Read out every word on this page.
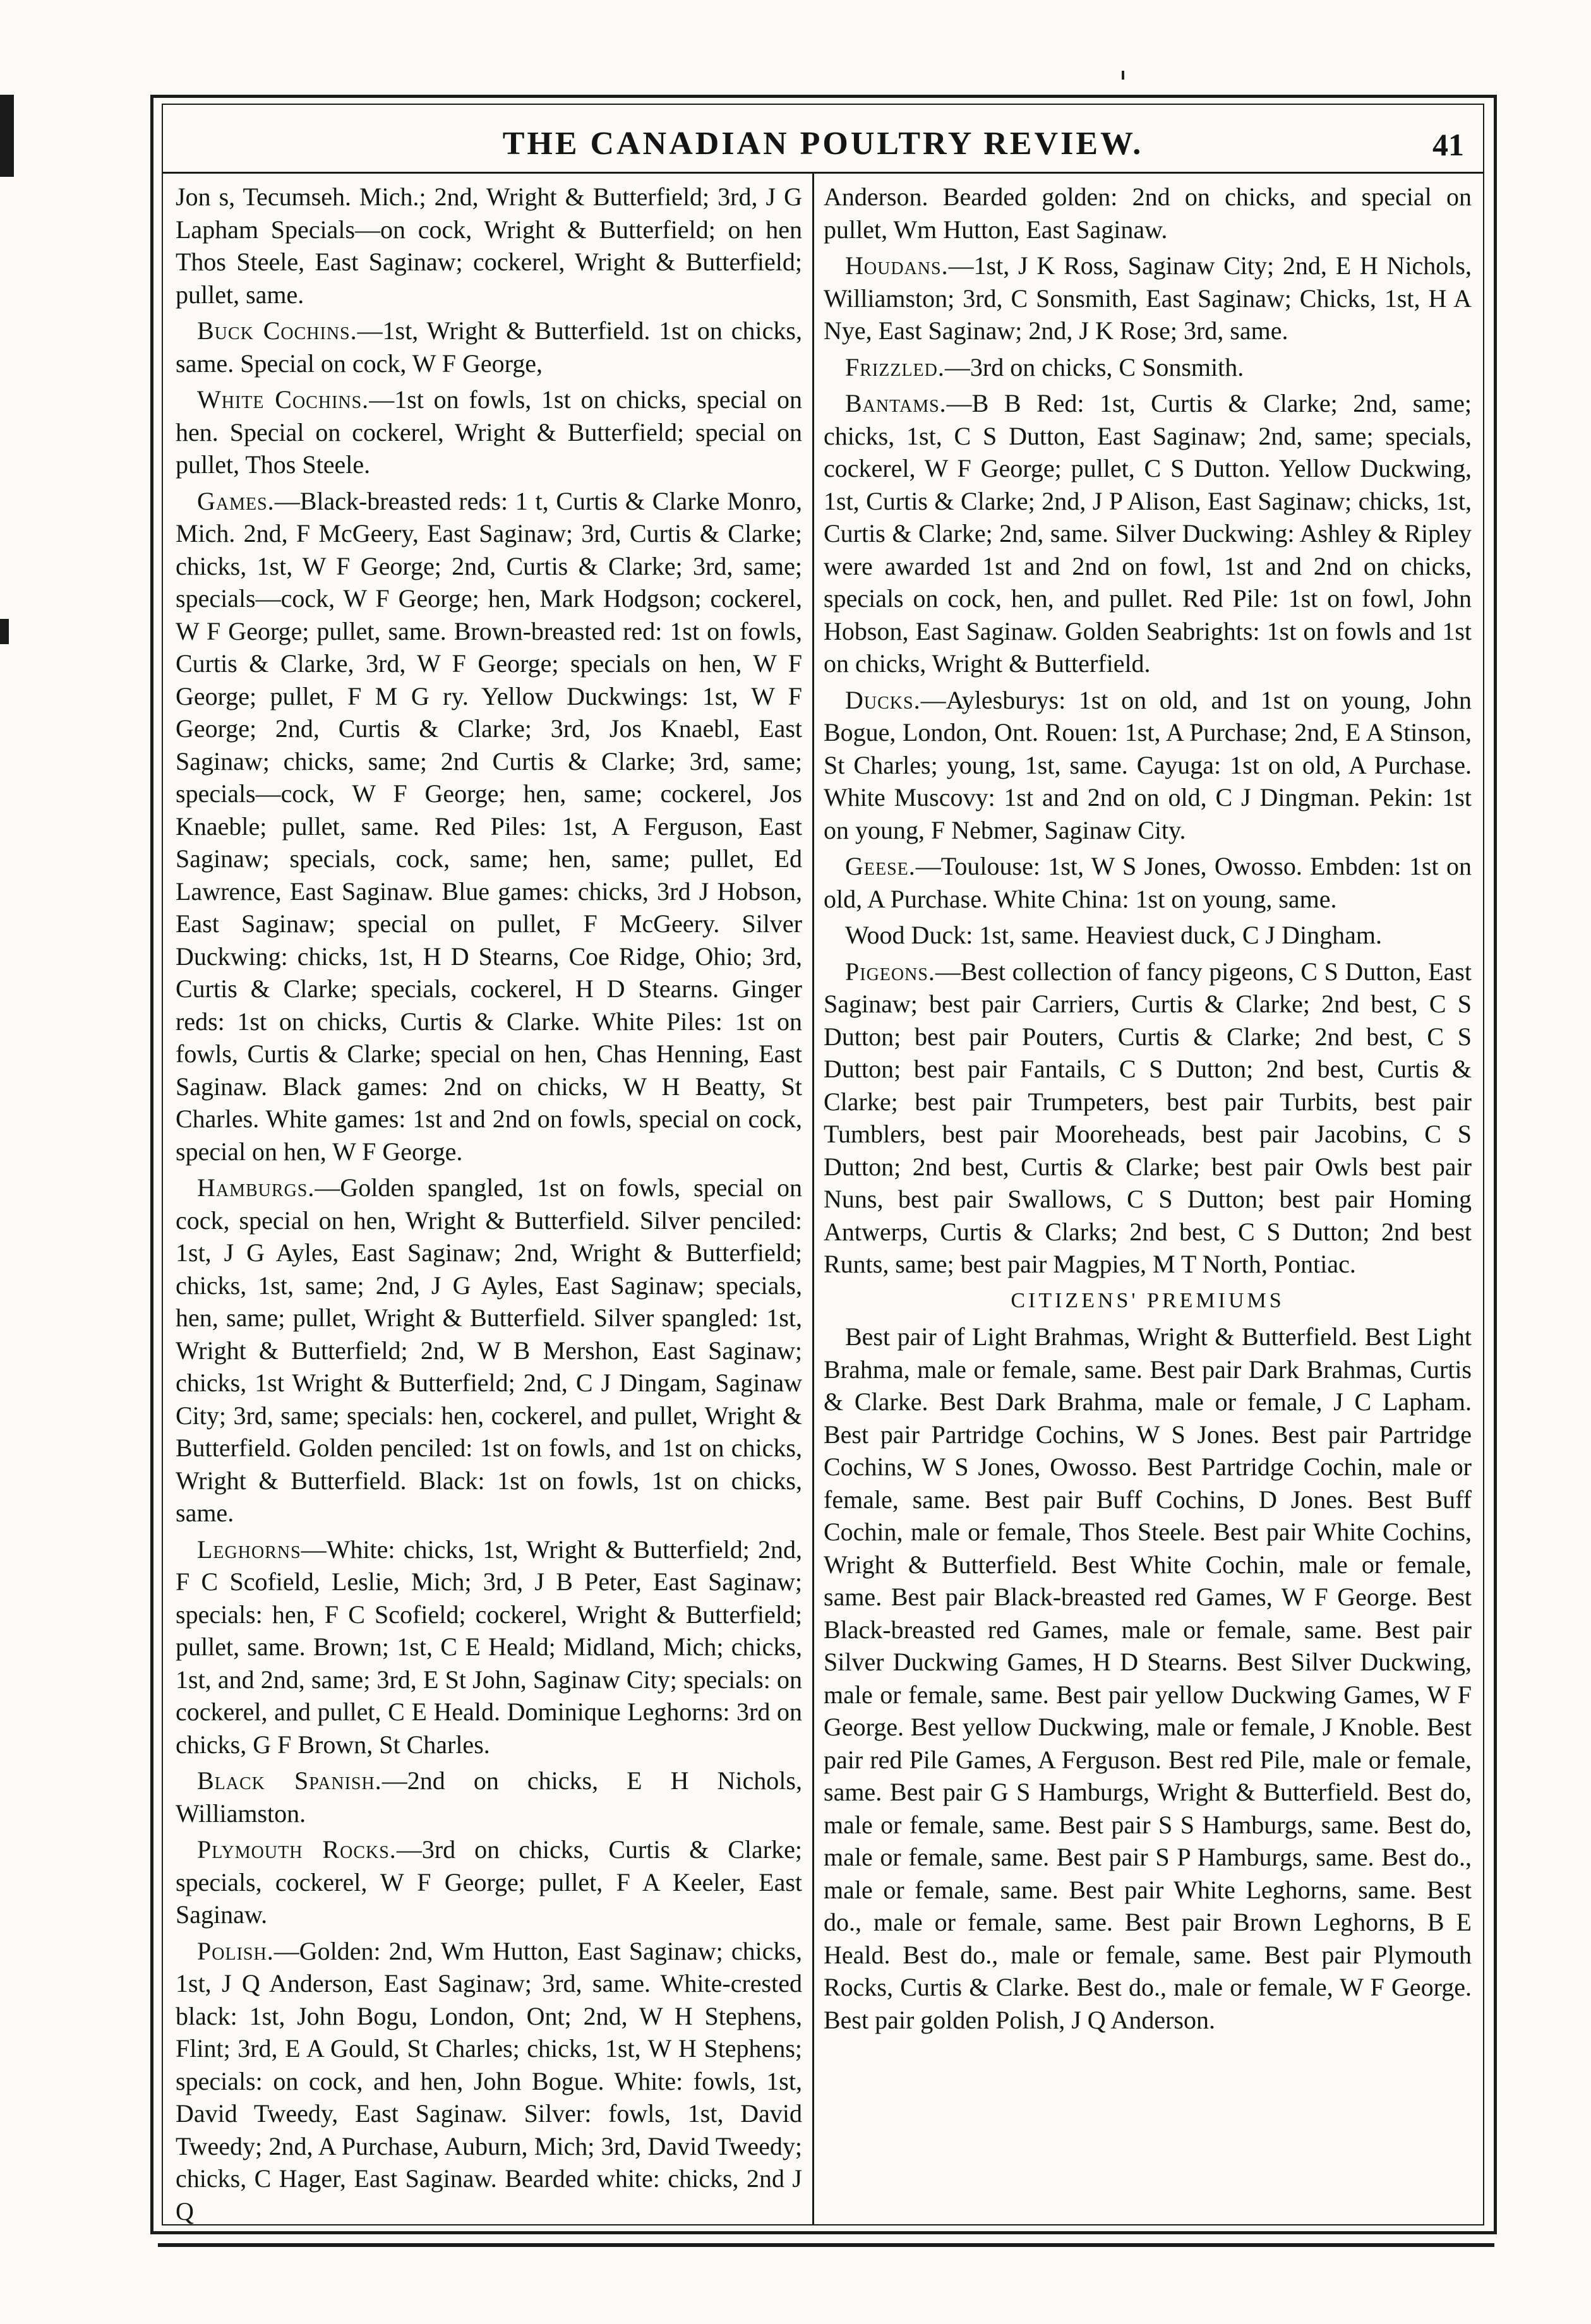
THE CANADIAN POULTRY REVIEW.	41

Jon s, Tecumseh. Mich.; 2nd, Wright & Butterfield; 3rd, J G Lapham Specials—on cock, Wright & Butterfield; on hen Thos Steele, East Saginaw; cockerel, Wright & Butterfield; pullet, same.

Buck Cochins.—1st, Wright & Butterfield. 1st on chicks, same. Special on cock, W F George,

White Cochins.—1st on fowls, 1st on chicks, special on hen. Special on cockerel, Wright & Butterfield; special on pullet, Thos Steele.

Games.—Black-breasted reds: 1 t, Curtis & Clarke Monro, Mich. 2nd, F McGeery, East Saginaw; 3rd, Curtis & Clarke; chicks, 1st, W F George; 2nd, Curtis & Clarke; 3rd, same; specials—cock, W F George; hen, Mark Hodgson; cockerel, W F George; pullet, same. Brown-breasted red: 1st on fowls, Curtis & Clarke, 3rd, W F George; specials on hen, W F George; pullet, F M G ry. Yellow Duckwings: 1st, W F George; 2nd, Curtis & Clarke; 3rd, Jos Knaebl, East Saginaw; chicks, same; 2nd Curtis & Clarke; 3rd, same; specials—cock, W F George; hen, same; cockerel, Jos Knaeble; pullet, same. Red Piles: 1st, A Ferguson, East Saginaw; specials, cock, same; hen, same; pullet, Ed Lawrence, East Saginaw. Blue games: chicks, 3rd J Hobson, East Saginaw; special on pullet, F McGeery. Silver Duckwing: chicks, 1st, H D Stearns, Coe Ridge, Ohio; 3rd, Curtis & Clarke; specials, cockerel, H D Stearns. Ginger reds: 1st on chicks, Curtis & Clarke. White Piles: 1st on fowls, Curtis & Clarke; special on hen, Chas Henning, East Saginaw. Black games: 2nd on chicks, W H Beatty, St Charles. White games: 1st and 2nd on fowls, special on cock, special on hen, W F George.

Hamburgs.—Golden spangled, 1st on fowls, special on cock, special on hen, Wright & Butterfield. Silver penciled: 1st, J G Ayles, East Saginaw; 2nd, Wright & Butterfield; chicks, 1st, same; 2nd, J G Ayles, East Saginaw; specials, hen, same; pullet, Wright & Butterfield. Silver spangled: 1st, Wright & Butterfield; 2nd, W B Mershon, East Saginaw; chicks, 1st Wright & Butterfield; 2nd, C J Dingam, Saginaw City; 3rd, same; specials: hen, cockerel, and pullet, Wright & Butterfield. Golden penciled: 1st on fowls, and 1st on chicks, Wright & Butterfield. Black: 1st on fowls, 1st on chicks, same.

Leghorns—White: chicks, 1st, Wright & Butterfield; 2nd, F C Scofield, Leslie, Mich; 3rd, J B Peter, East Saginaw; specials: hen, F C Scofield; cockerel, Wright & Butterfield; pullet, same. Brown; 1st, C E Heald; Midland, Mich; chicks, 1st, and 2nd, same; 3rd, E St John, Saginaw City; specials: on cockerel, and pullet, C E Heald. Dominique Leghorns: 3rd on chicks, G F Brown, St Charles.

Black Spanish.—2nd on chicks, E H Nichols, Williamston.

Plymouth Rocks.—3rd on chicks, Curtis & Clarke; specials, cockerel, W F George; pullet, F A Keeler, East Saginaw.

Polish.—Golden: 2nd, Wm Hutton, East Saginaw; chicks, 1st, J Q Anderson, East Saginaw; 3rd, same. White-crested black: 1st, John Bogu, London, Ont; 2nd, W H Stephens, Flint; 3rd, E A Gould, St Charles; chicks, 1st, W H Stephens; specials: on cock, and hen, John Bogue. White: fowls, 1st, David Tweedy, East Saginaw. Silver: fowls, 1st, David Tweedy; 2nd, A Purchase, Auburn, Mich; 3rd, David Tweedy; chicks, C Hager, East Saginaw. Bearded white: chicks, 2nd J Q

Anderson. Bearded golden: 2nd on chicks, and special on pullet, Wm Hutton, East Saginaw.

Houdans.—1st, J K Ross, Saginaw City; 2nd, E H Nichols, Williamston; 3rd, C Sonsmith, East Saginaw; Chicks, 1st, H A Nye, East Saginaw; 2nd, J K Rose; 3rd, same.

Frizzled.—3rd on chicks, C Sonsmith.

Bantams.—B B Red: 1st, Curtis & Clarke; 2nd, same; chicks, 1st, C S Dutton, East Saginaw; 2nd, same; specials, cockerel, W F George; pullet, C S Dutton. Yellow Duckwing, 1st, Curtis & Clarke; 2nd, J P Alison, East Saginaw; chicks, 1st, Curtis & Clarke; 2nd, same. Silver Duckwing: Ashley & Ripley were awarded 1st and 2nd on fowl, 1st and 2nd on chicks, specials on cock, hen, and pullet. Red Pile: 1st on fowl, John Hobson, East Saginaw. Golden Seabrights: 1st on fowls and 1st on chicks, Wright & Butterfield.

Ducks.—Aylesburys: 1st on old, and 1st on young, John Bogue, London, Ont. Rouen: 1st, A Purchase; 2nd, E A Stinson, St Charles; young, 1st, same. Cayuga: 1st on old, A Purchase. White Muscovy: 1st and 2nd on old, C J Dingman. Pekin: 1st on young, F Nebmer, Saginaw City.

Geese.—Toulouse: 1st, W S Jones, Owosso. Embden: 1st on old, A Purchase. White China: 1st on young, same.

Wood Duck: 1st, same. Heaviest duck, C J Dingham.

Pigeons.—Best collection of fancy pigeons, C S Dutton, East Saginaw; best pair Carriers, Curtis & Clarke; 2nd best, C S Dutton; best pair Pouters, Curtis & Clarke; 2nd best, C S Dutton; best pair Fantails, C S Dutton; 2nd best, Curtis & Clarke; best pair Trumpeters, best pair Turbits, best pair Tumblers, best pair Mooreheads, best pair Jacobins, C S Dutton; 2nd best, Curtis & Clarke; best pair Owls best pair Nuns, best pair Swallows, C S Dutton; best pair Homing Antwerps, Curtis & Clarks; 2nd best, C S Dutton; 2nd best Runts, same; best pair Magpies, M T North, Pontiac.

CITIZENS' PREMIUMS

Best pair of Light Brahmas, Wright & Butterfield. Best Light Brahma, male or female, same. Best pair Dark Brahmas, Curtis & Clarke. Best Dark Brahma, male or female, J C Lapham. Best pair Partridge Cochins, W S Jones. Best pair Partridge Cochins, W S Jones, Owosso. Best Partridge Cochin, male or female, same. Best pair Buff Cochins, D Jones. Best Buff Cochin, male or female, Thos Steele. Best pair White Cochins, Wright & Butterfield. Best White Cochin, male or female, same. Best pair Black-breasted red Games, W F George. Best Black-breasted red Games, male or female, same. Best pair Silver Duckwing Games, H D Stearns. Best Silver Duckwing, male or female, same. Best pair yellow Duckwing Games, W F George. Best yellow Duckwing, male or female, J Knoble. Best pair red Pile Games, A Ferguson. Best red Pile, male or female, same. Best pair G S Hamburgs, Wright & Butterfield. Best do, male or female, same. Best pair S S Hamburgs, same. Best do, male or female, same. Best pair S P Hamburgs, same. Best do., male or female, same. Best pair White Leghorns, same. Best do., male or female, same. Best pair Brown Leghorns, B E Heald. Best do., male or female, same. Best pair Plymouth Rocks, Curtis & Clarke. Best do., male or female, W F George. Best pair golden Polish, J Q Anderson.
